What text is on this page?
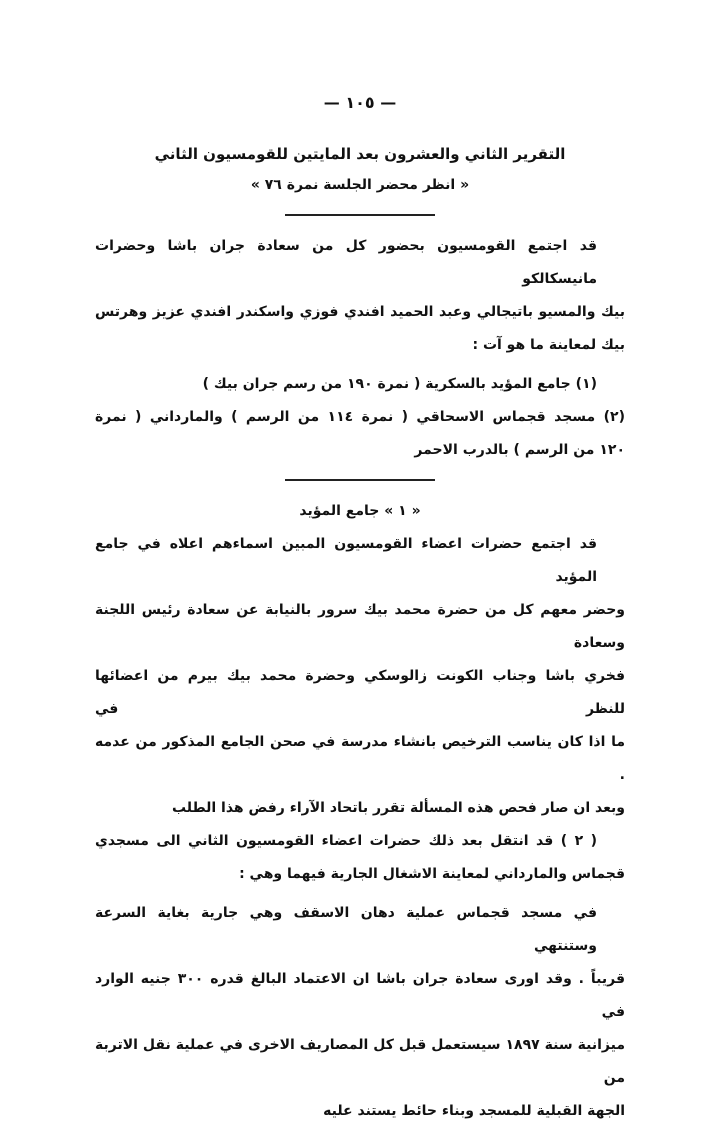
— ١٠٥ —
التقرير الثاني والعشرون بعد المايتين للقومسيون الثاني
« انظر محضر الجلسة نمرة ٧٦ »
قد اجتمع القومسيون بحضور كل من سعادة جران باشا وحضرات مانيسكالكو
بيك والمسيو باتيجالي وعبد الحميد افندي فوزي واسكندر افندي عزيز وهرتس
بيك لمعاينة ما هو آت :
(١) جامع المؤيد بالسكرية ( نمرة ١٩٠ من رسم جران بيك )
(٢) مسجد قجماس الاسحاقي ( نمرة ١١٤ من الرسم ) والمارداني ( نمرة
١٢٠ من الرسم ) بالدرب الاحمر
« ١ » جامع المؤيد
قد اجتمع حضرات اعضاء القومسيون المبين اسماءهم اعلاه في جامع المؤيد
وحضر معهم كل من حضرة محمد بيك سرور بالنيابة عن سعادة رئيس اللجنة وسعادة
فخري باشا وجناب الكونت زالوسكي وحضرة محمد بيك بيرم من اعضائها للنظر في
ما اذا كان يناسب الترخيص بانشاء مدرسة في صحن الجامع المذكور من عدمه .
وبعد ان صار فحص هذه المسألة تقرر باتحاد الآراء رفض هذا الطلب
( ٢ ) قد انتقل بعد ذلك حضرات اعضاء القومسيون الثاني الى مسجدي
قجماس والمارداني لمعاينة الاشغال الجارية فيهما وهي :
في مسجد قجماس عملية دهان الاسقف وهي جارية بغاية السرعة وستنتهي
قريباً . وقد اورى سعادة جران باشا ان الاعتماد البالغ قدره ٣٠٠ جنيه الوارد في
ميزانية سنة ١٨٩٧ سيستعمل قبل كل المصاريف الاخرى في عملية نقل الاتربة من
الجهة القبلية للمسجد وبناء حائط يستند عليه
